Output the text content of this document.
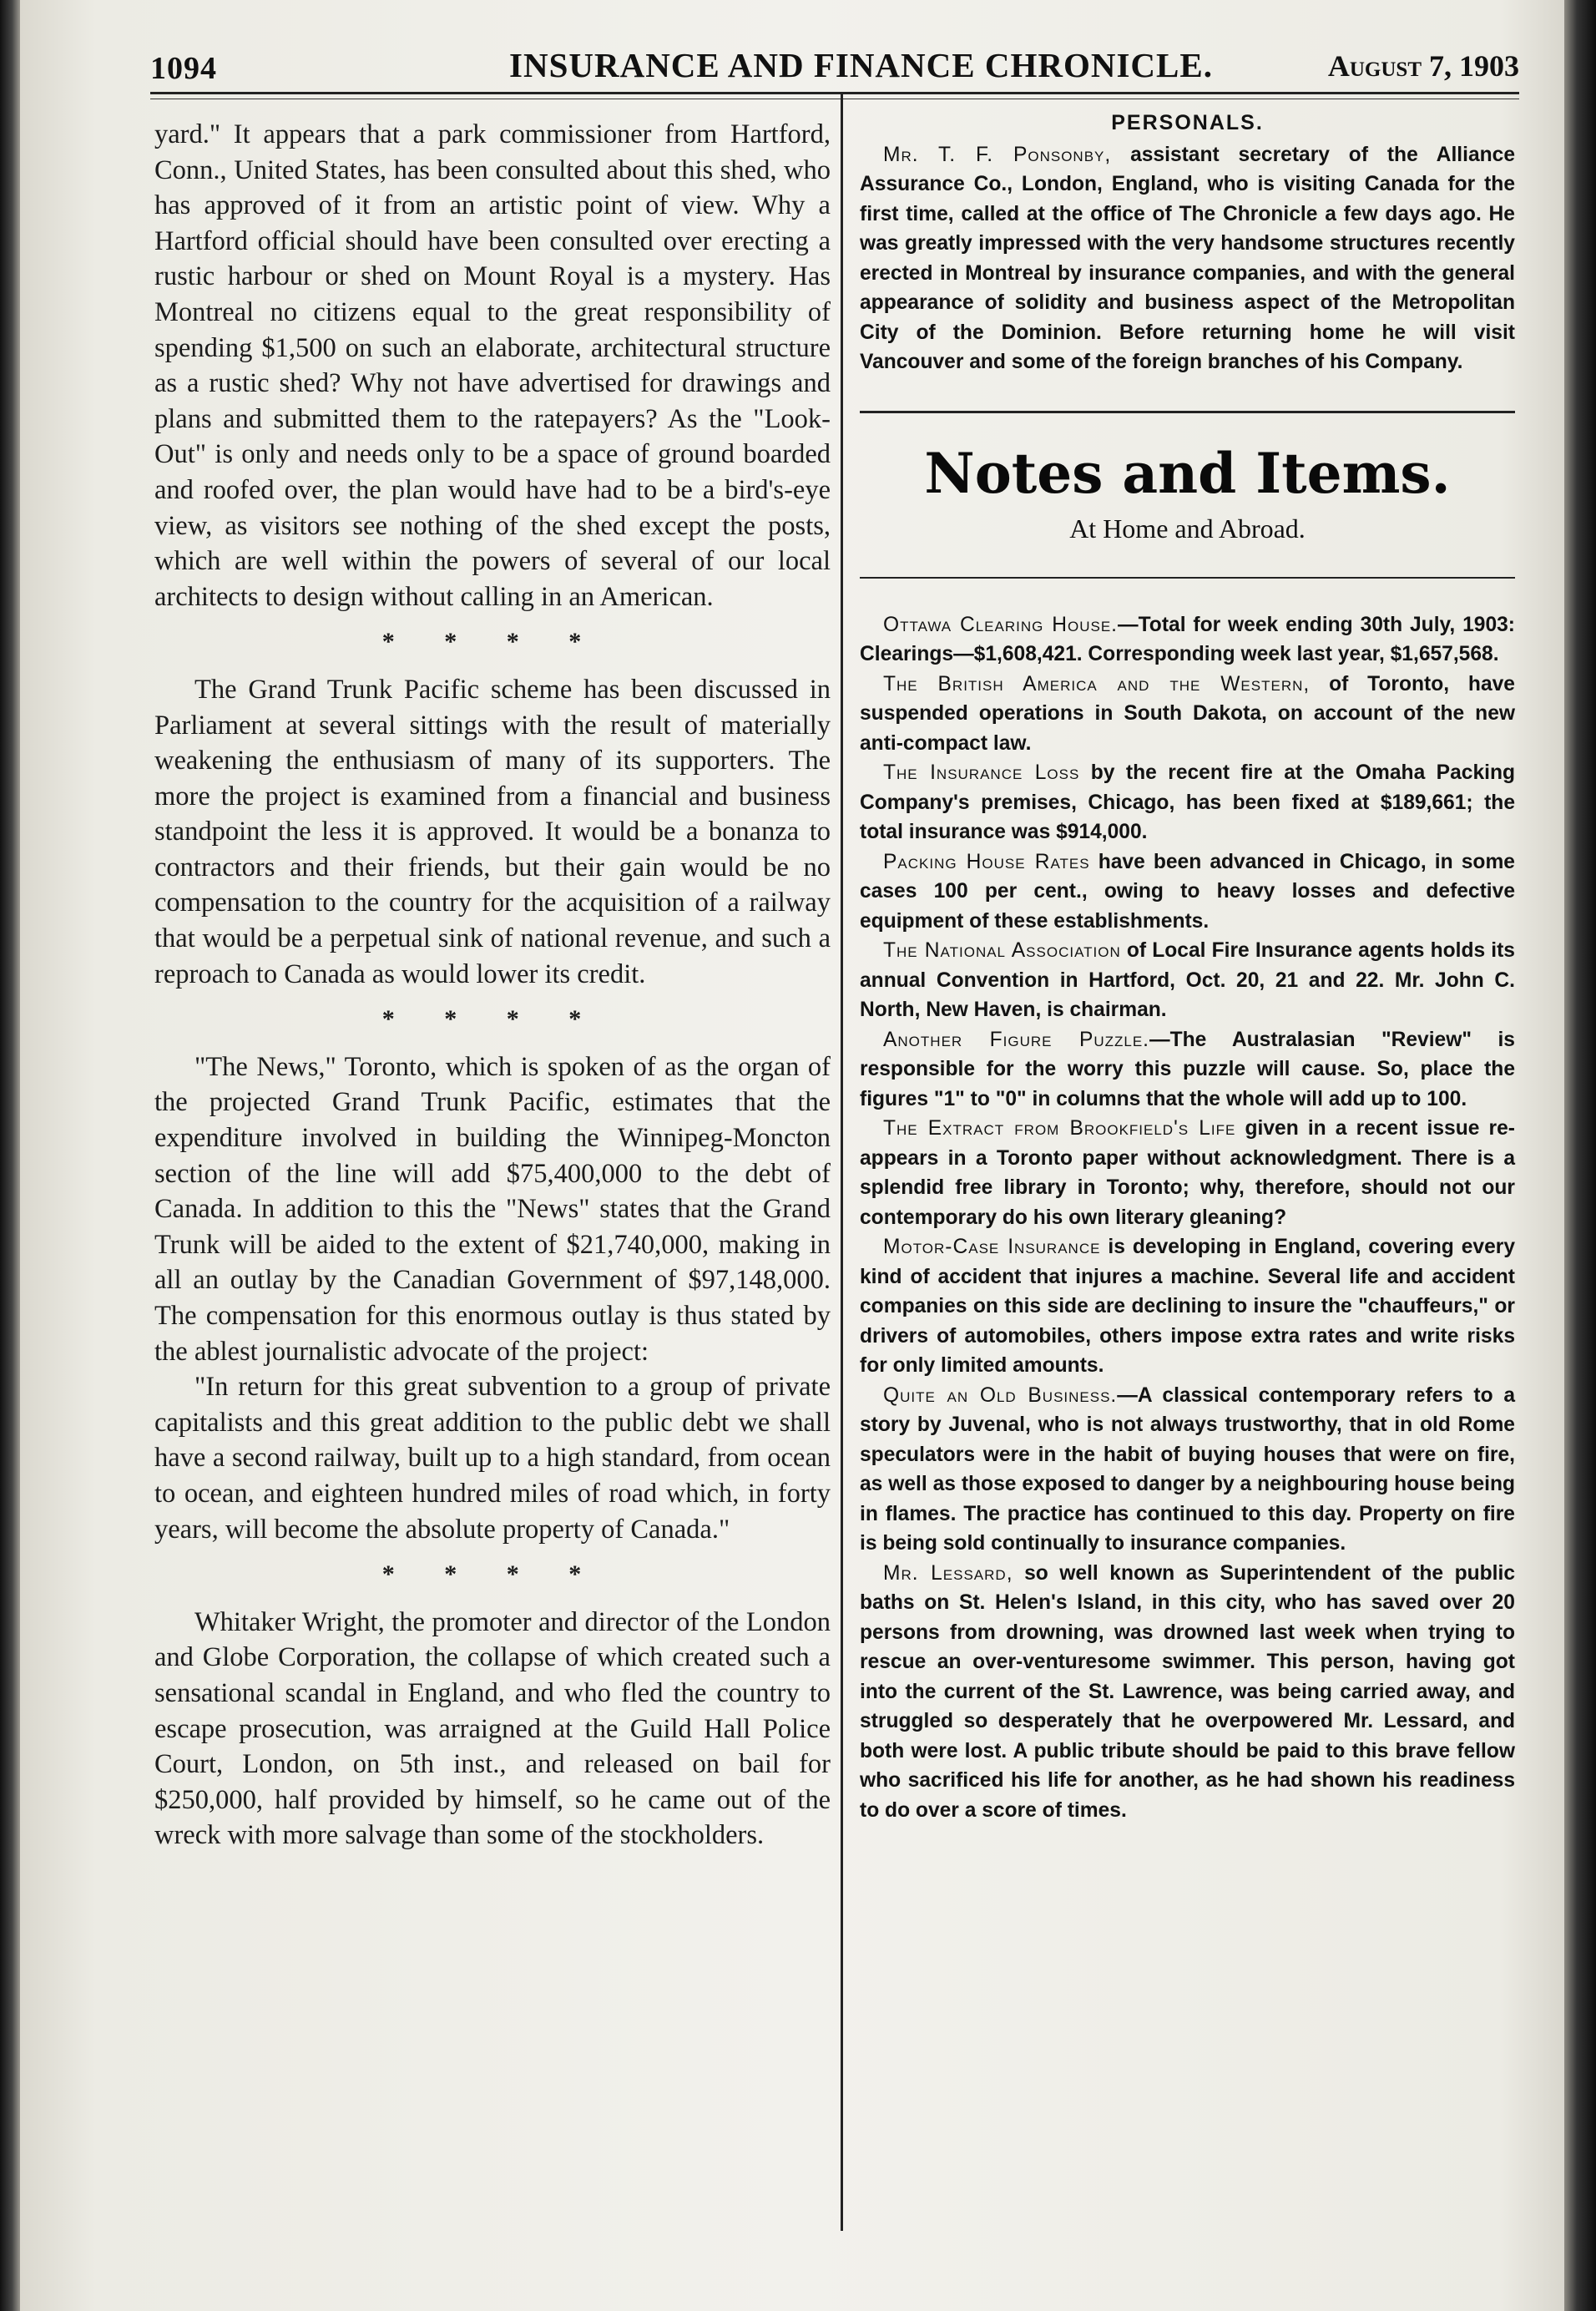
1094	INSURANCE AND FINANCE CHRONICLE.	August 7, 1903

yard." It appears that a park commissioner from Hartford, Conn., United States, has been consulted about this shed, who has approved of it from an artistic point of view. Why a Hartford official should have been consulted over erecting a rustic harbour or shed on Mount Royal is a mystery. Has Montreal no citizens equal to the great responsibility of spending $1,500 on such an elaborate, architectural structure as a rustic shed? Why not have advertised for drawings and plans and submitted them to the ratepayers? As the "Look-Out" is only and needs only to be a space of ground boarded and roofed over, the plan would have had to be a bird's-eye view, as visitors see nothing of the shed except the posts, which are well within the powers of several of our local architects to design without calling in an American.

* * * *

The Grand Trunk Pacific scheme has been discussed in Parliament at several sittings with the result of materially weakening the enthusiasm of many of its supporters. The more the project is examined from a financial and business standpoint the less it is approved. It would be a bonanza to contractors and their friends, but their gain would be no compensation to the country for the acquisition of a railway that would be a perpetual sink of national revenue, and such a reproach to Canada as would lower its credit.

* * * *

"The News," Toronto, which is spoken of as the organ of the projected Grand Trunk Pacific, estimates that the expenditure involved in building the Winnipeg-Moncton section of the line will add $75,400,000 to the debt of Canada. In addition to this the "News" states that the Grand Trunk will be aided to the extent of $21,740,000, making in all an outlay by the Canadian Government of $97,148,000. The compensation for this enormous outlay is thus stated by the ablest journalistic advocate of the project:

"In return for this great subvention to a group of private capitalists and this great addition to the public debt we shall have a second railway, built up to a high standard, from ocean to ocean, and eighteen hundred miles of road which, in forty years, will become the absolute property of Canada."

* * * *

Whitaker Wright, the promoter and director of the London and Globe Corporation, the collapse of which created such a sensational scandal in England, and who fled the country to escape prosecution, was arraigned at the Guild Hall Police Court, London, on 5th inst., and released on bail for $250,000, half provided by himself, so he came out of the wreck with more salvage than some of the stockholders.

PERSONALS.

Mr. T. F. Ponsonby, assistant secretary of the Alliance Assurance Co., London, England, who is visiting Canada for the first time, called at the office of The Chronicle a few days ago. He was greatly impressed with the very handsome structures recently erected in Montreal by insurance companies, and with the general appearance of solidity and business aspect of the Metropolitan City of the Dominion. Before returning home he will visit Vancouver and some of the foreign branches of his Company.

Notes and Items.
At Home and Abroad.

Ottawa Clearing House.—Total for week ending 30th July, 1903: Clearings—$1,608,421. Corresponding week last year, $1,657,568.

The British America and the Western, of Toronto, have suspended operations in South Dakota, on account of the new anti-compact law.

The Insurance Loss by the recent fire at the Omaha Packing Company's premises, Chicago, has been fixed at $189,661; the total insurance was $914,000.

Packing House Rates have been advanced in Chicago, in some cases 100 per cent., owing to heavy losses and defective equipment of these establishments.

The National Association of Local Fire Insurance agents holds its annual Convention in Hartford, Oct. 20, 21 and 22. Mr. John C. North, New Haven, is chairman.

Another Figure Puzzle.—The Australasian "Review" is responsible for the worry this puzzle will cause. So, place the figures "1" to "0" in columns that the whole will add up to 100.

The Extract from Brookfield's Life given in a recent issue re-appears in a Toronto paper without acknowledgment. There is a splendid free library in Toronto; why, therefore, should not our contemporary do his own literary gleaning?

Motor-Case Insurance is developing in England, covering every kind of accident that injures a machine. Several life and accident companies on this side are declining to insure the "chauffeurs," or drivers of automobiles, others impose extra rates and write risks for only limited amounts.

Quite an Old Business.—A classical contemporary refers to a story by Juvenal, who is not always trustworthy, that in old Rome speculators were in the habit of buying houses that were on fire, as well as those exposed to danger by a neighbouring house being in flames. The practice has continued to this day. Property on fire is being sold continually to insurance companies.

Mr. Lessard, so well known as Superintendent of the public baths on St. Helen's Island, in this city, who has saved over 20 persons from drowning, was drowned last week when trying to rescue an over-venturesome swimmer. This person, having got into the current of the St. Lawrence, was being carried away, and struggled so desperately that he overpowered Mr. Lessard, and both were lost. A public tribute should be paid to this brave fellow who sacrificed his life for another, as he had shown his readiness to do over a score of times.
